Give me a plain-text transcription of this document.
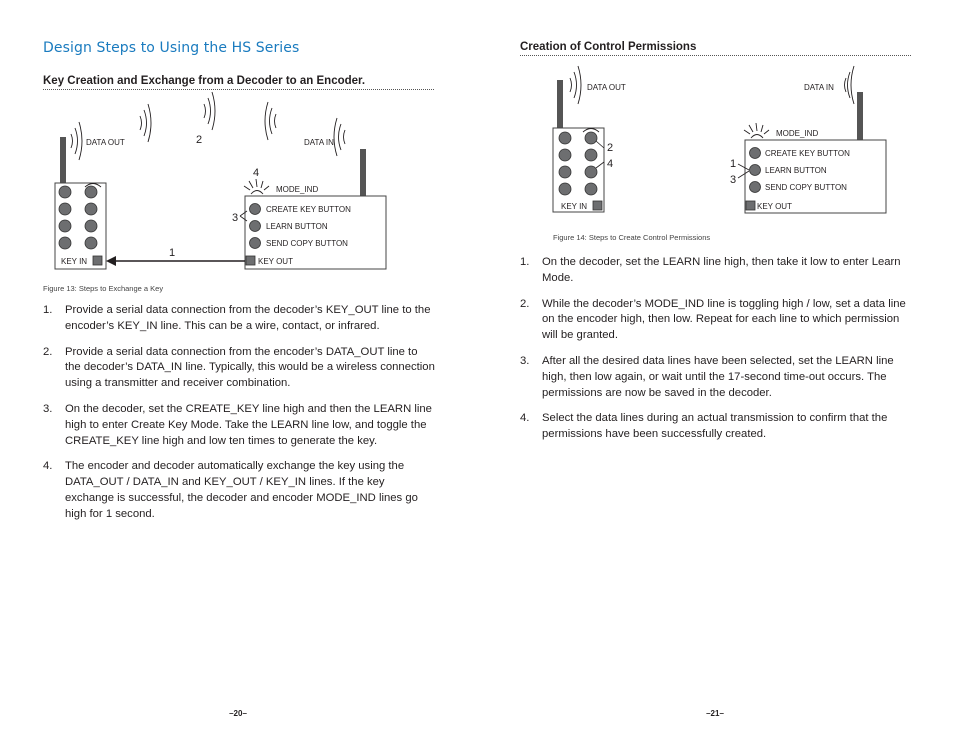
Design Steps to Using the HS Series
Key Creation and Exchange from a Decoder to an Encoder.
KEY IN
DATA OUT
CREATE KEY BUTTON
LEARN BUTTON
SEND COPY BUTTON
KEY OUT
DATA IN
MODE_IND
1
2
3
4
Figure 13: Steps to Exchange a Key
1. Provide a serial data connection from the decoder’s KEY_OUT line to the encoder’s KEY_IN line. This can be a wire, contact, or infrared.
2. Provide a serial data connection from the encoder’s DATA_OUT line to the decoder’s DATA_IN line. Typically, this would be a wireless connection using a transmitter and receiver combination.
3. On the decoder, set the CREATE_KEY line high and then the LEARN line high to enter Create Key Mode. Take the LEARN line low, and toggle the CREATE_KEY line high and low ten times to generate the key.
4. The encoder and decoder automatically exchange the key using the DATA_OUT / DATA_IN and KEY_OUT / KEY_IN lines. If the key exchange is successful, the decoder and encoder MODE_IND lines go high for 1 second.
–20–
Creation of Control Permissions
KEY IN
DATA OUT
CREATE KEY BUTTON
LEARN BUTTON
SEND COPY BUTTON
KEY OUT
DATA IN
MODE_IND
2
4	1
3
Figure 14: Steps to Create Control Permissions
1. On the decoder, set the LEARN line high, then take it low to enter Learn Mode.
2. While the decoder’s MODE_IND line is toggling high / low, set a data line on the encoder high, then low. Repeat for each line to which permission will be granted.
3. After all the desired data lines have been selected, set the LEARN line high, then low again, or wait until the 17-second time-out occurs. The permissions are now be saved in the decoder.
4. Select the data lines during an actual transmission to confirm that the permissions have been successfully created.
–21–
